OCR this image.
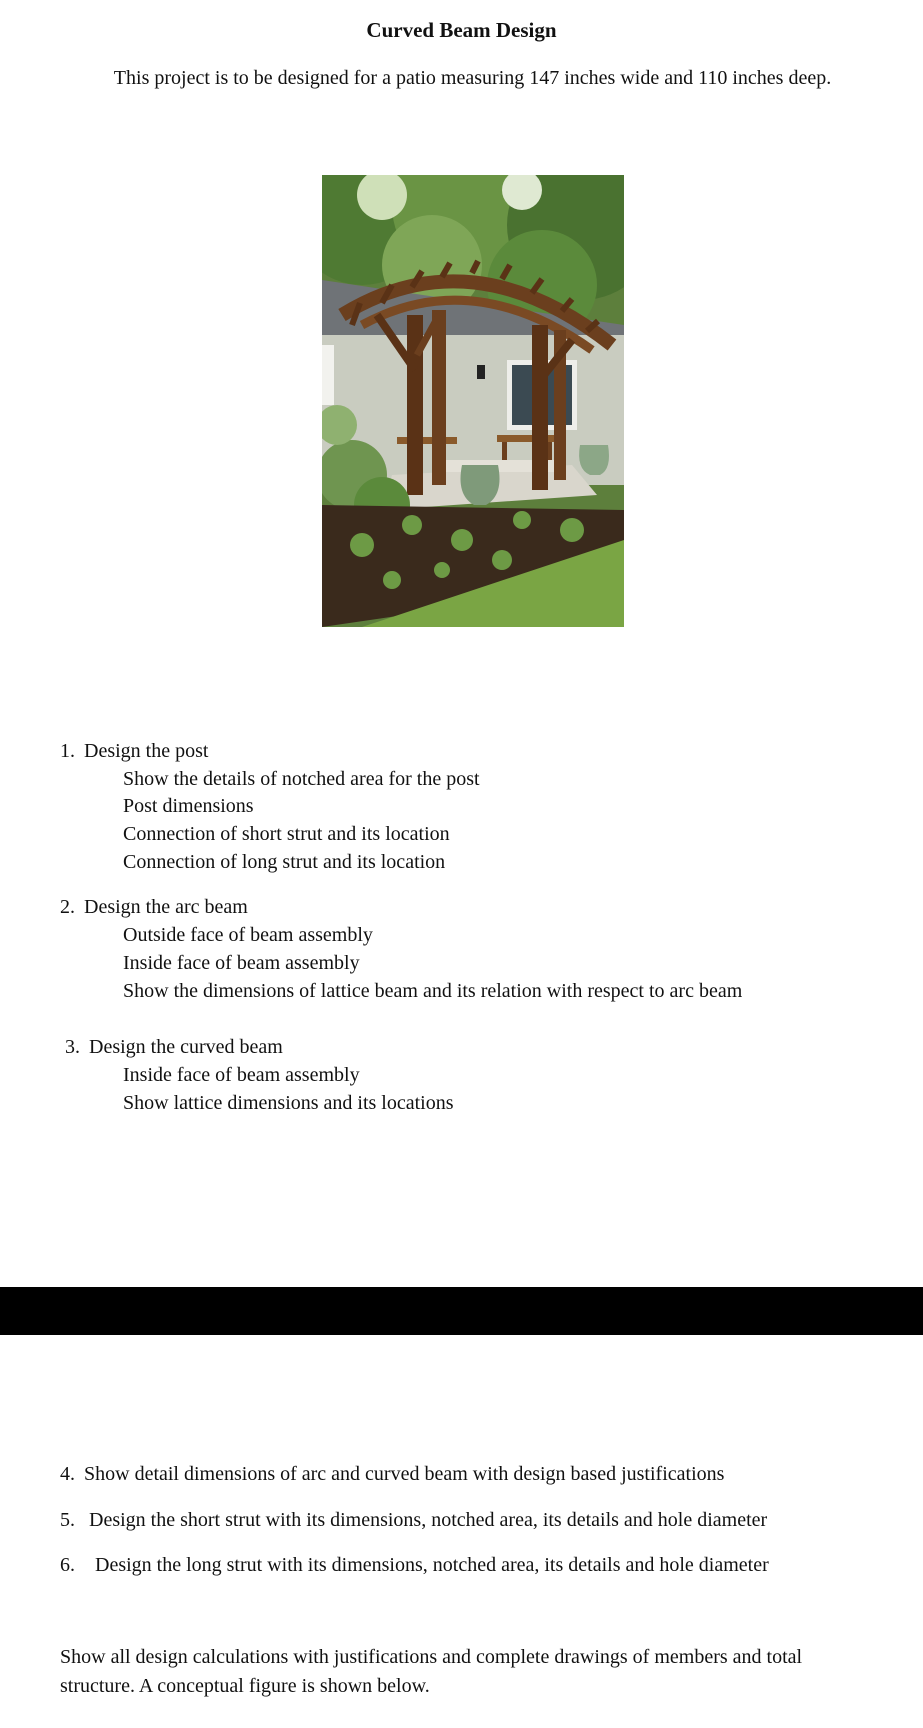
Curved Beam Design
This project is to be designed for a patio measuring 147 inches wide and 110 inches deep.
1. Design the post
Show the details of notched area for the post
Post dimensions
Connection of short strut and its location
Connection of long strut and its location
2. Design the arc beam
Outside face of beam assembly
Inside face of beam assembly
Show the dimensions of lattice beam and its relation with respect to arc beam
3. Design the curved beam
Inside face of beam assembly
Show lattice dimensions and its locations
4. Show detail dimensions of arc and curved beam with design based justifications
5. Design the short strut with its dimensions, notched area, its details and hole diameter
6. Design the long strut with its dimensions, notched area, its details and hole diameter
Show all design calculations with justifications and complete drawings of members and total structure. A conceptual figure is shown below.
